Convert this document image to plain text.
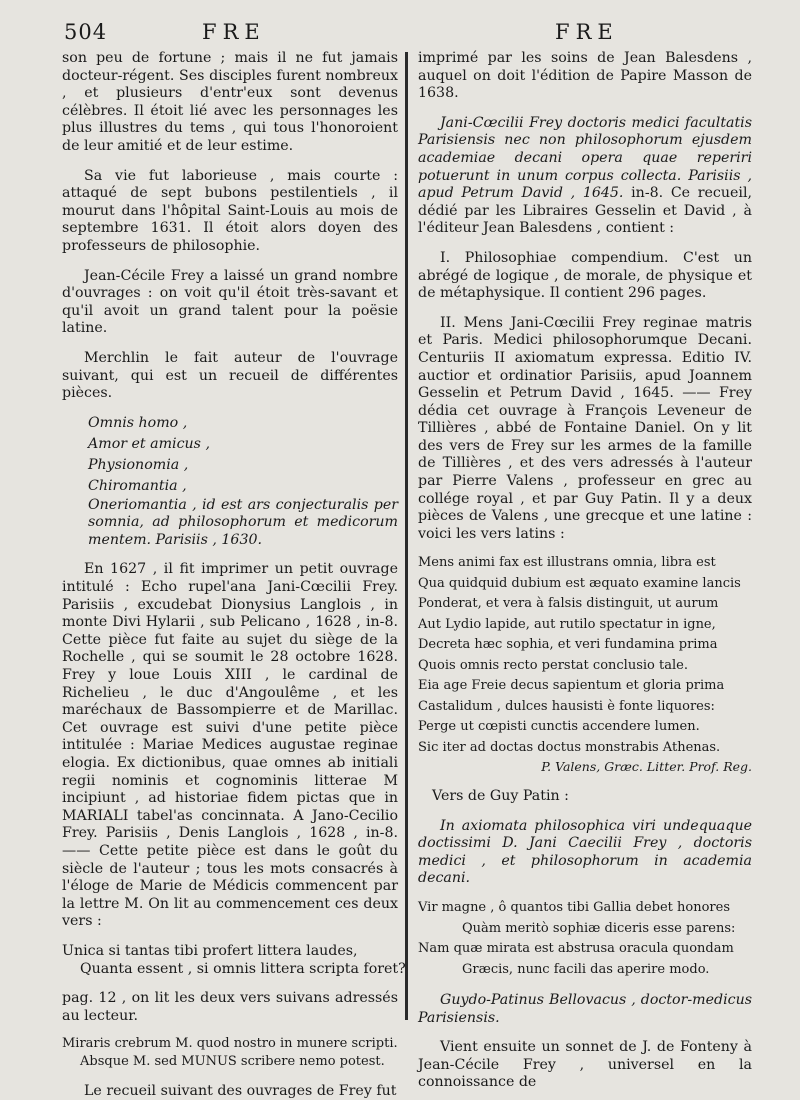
504	FRE	FRE

son peu de fortune ; mais il ne fut jamais docteur-régent. Ses disciples furent nombreux , et plusieurs d'entr'eux sont devenus célèbres. Il étoit lié avec les personnages les plus illustres du tems , qui tous l'honoroient de leur amitié et de leur estime.

Sa vie fut laborieuse , mais courte : attaqué de sept bubons pestilentiels , il mourut dans l'hôpital Saint-Louis au mois de septembre 1631. Il étoit alors doyen des professeurs de philosophie.

Jean-Cécile Frey a laissé un grand nombre d'ouvrages : on voit qu'il étoit très-savant et qu'il avoit un grand talent pour la poësie latine.

Merchlin le fait auteur de l'ouvrage suivant, qui est un recueil de différentes pièces.

Omnis homo ,

Amor et amicus ,

Physionomia ,

Chiromantia ,

Oneriomantia , id est ars conjecturalis per somnia, ad philosophorum et medicorum mentem. Parisiis , 1630.

En 1627 , il fit imprimer un petit ouvrage intitulé : Echo rupel'ana Jani-Cœcilii Frey. Parisiis , excudebat Dionysius Langlois , in monte Divi Hylarii , sub Pelicano , 1628 , in-8. Cette pièce fut faite au sujet du siège de la Rochelle , qui se soumit le 28 octobre 1628. Frey y loue Louis XIII , le cardinal de Richelieu , le duc d'Angoulême , et les maréchaux de Bassompierre et de Marillac. Cet ouvrage est suivi d'une petite pièce intitulée : Mariae Medices augustae reginae elogia. Ex dictionibus, quae omnes ab initiali regii nominis et cognominis litterae M incipiunt , ad historiae fidem pictas que in MARIALI tabel'as concinnata. A Jano-Cecilio Frey. Parisiis , Denis Langlois , 1628 , in-8. —— Cette petite pièce est dans le goût du siècle de l'auteur ; tous les mots consacrés à l'éloge de Marie de Médicis commencent par la lettre M. On lit au commencement ces deux vers :

Unica si tantas tibi profert littera laudes,

Quanta essent , si omnis littera scripta foret?

pag. 12 , on lit les deux vers suivans adressés au lecteur.

Miraris crebrum M. quod nostro in munere scripti.

Absque M. sed MUNUS scribere nemo potest.

Le recueil suivant des ouvrages de Frey fut

imprimé par les soins de Jean Balesdens , auquel on doit l'édition de Papire Masson de 1638.

Jani-Cœcilii Frey doctoris medici facultatis Parisiensis nec non philosophorum ejusdem academiae decani opera quae reperiri potuerunt in unum corpus collecta. Parisiis , apud Petrum David , 1645. in-8. Ce recueil, dédié par les Libraires Gesselin et David , à l'éditeur Jean Balesdens , contient :

I. Philosophiae compendium. C'est un abrégé de logique , de morale, de physique et de métaphysique. Il contient 296 pages.

II. Mens Jani-Cœcilii Frey reginae matris et Paris. Medici philosophorumque Decani. Centuriis II axiomatum expressa. Editio IV. auctior et ordinatior Parisiis, apud Joannem Gesselin et Petrum David , 1645. —— Frey dédia cet ouvrage à François Leveneur de Tillières , abbé de Fontaine Daniel. On y lit des vers de Frey sur les armes de la famille de Tillières , et des vers adressés à l'auteur par Pierre Valens , professeur en grec au collége royal , et par Guy Patin. Il y a deux pièces de Valens , une grecque et une latine : voici les vers latins :

Mens animi fax est illustrans omnia, libra est

Qua quidquid dubium est æquato examine lancis

Ponderat, et vera à falsis distinguit, ut aurum

Aut Lydio lapide, aut rutilo spectatur in igne,

Decreta hæc sophia, et veri fundamina prima

Quois omnis recto perstat conclusio tale.

Eia age Freie decus sapientum et gloria prima

Castalidum , dulces hausisti è fonte liquores:

Perge ut cœpisti cunctis accendere lumen.

Sic iter ad doctas doctus monstrabis Athenas.

P. Valens, Græc. Litter. Prof. Reg.

Vers de Guy Patin :

In axiomata philosophica viri undequaque doctissimi D. Jani Caecilii Frey , doctoris medici , et philosophorum in academia decani.

Vir magne , ô quantos tibi Gallia debet honores

Quàm meritò sophiæ diceris esse parens:

Nam quæ mirata est abstrusa oracula quondam

Græcis, nunc facili das aperire modo.

Guydo-Patinus Bellovacus , doctor-medicus Parisiensis.

Vient ensuite un sonnet de J. de Fonteny à Jean-Cécile Frey , universel en la connoissance de
